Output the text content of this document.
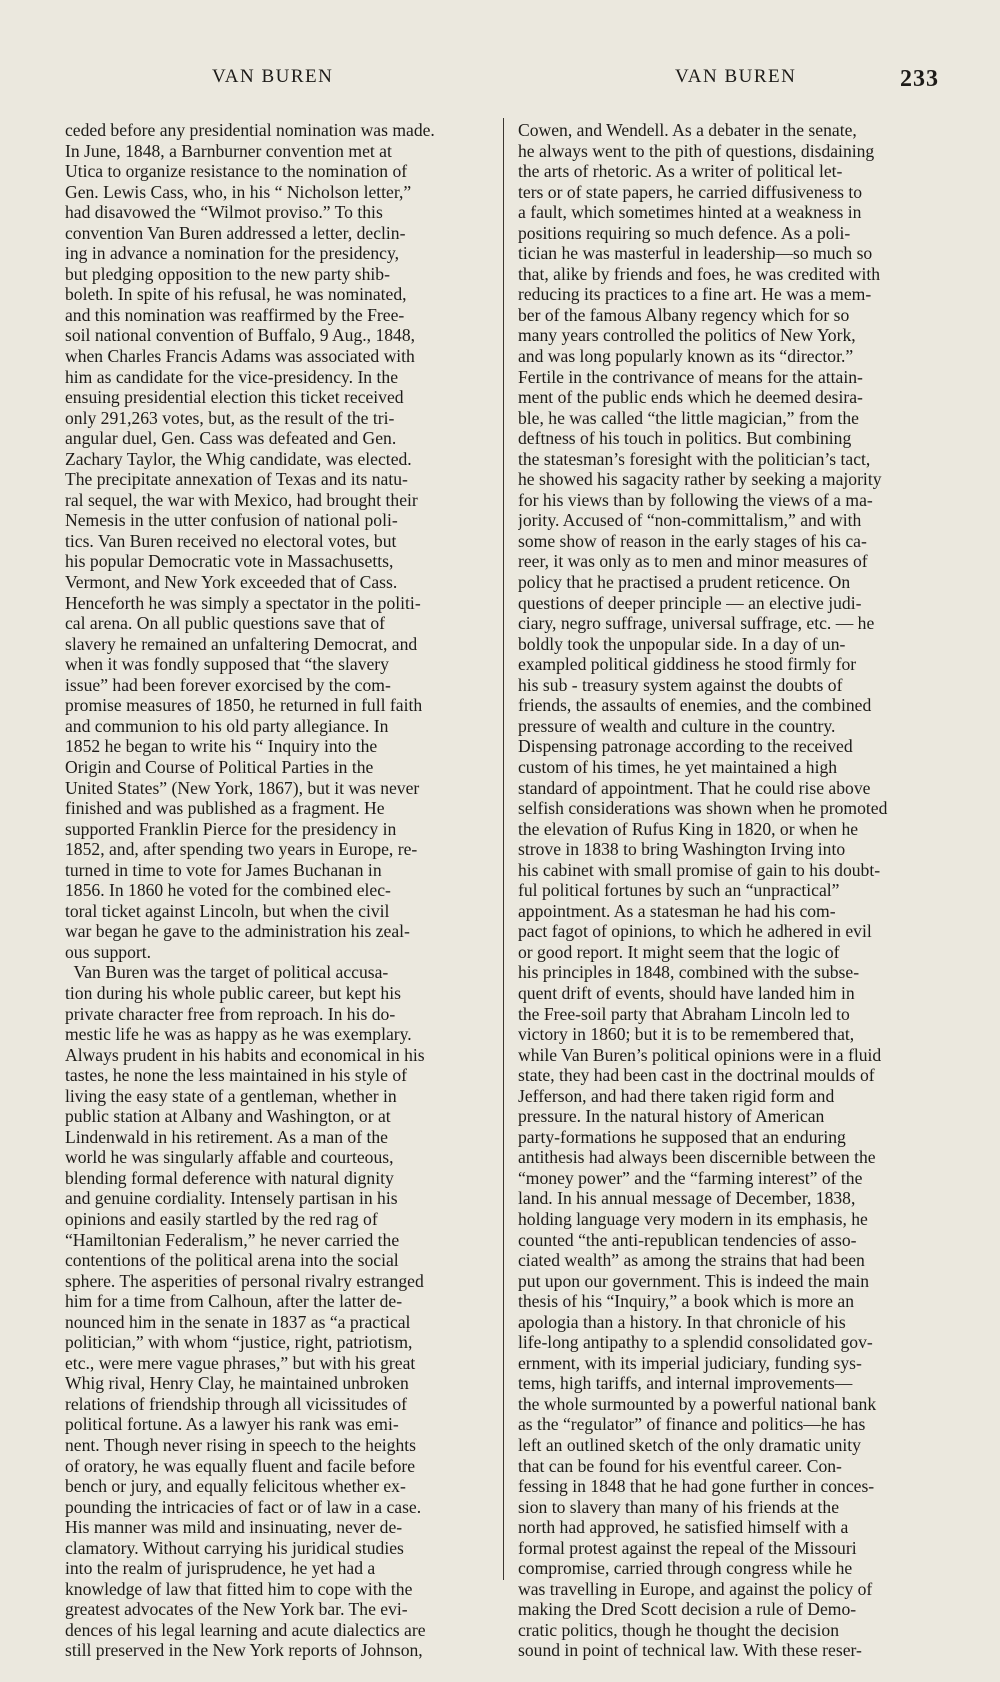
VAN BUREN	VAN BUREN	233
ceded before any presidential nomination was made.
In June, 1848, a Barnburner convention met at
Utica to organize resistance to the nomination of
Gen. Lewis Cass, who, in his “ Nicholson letter,”
had disavowed the “Wilmot proviso.” To this
convention Van Buren addressed a letter, declin-
ing in advance a nomination for the presidency,
but pledging opposition to the new party shib-
boleth. In spite of his refusal, he was nominated,
and this nomination was reaffirmed by the Free-
soil national convention of Buffalo, 9 Aug., 1848,
when Charles Francis Adams was associated with
him as candidate for the vice-presidency. In the
ensuing presidential election this ticket received
only 291,263 votes, but, as the result of the tri-
angular duel, Gen. Cass was defeated and Gen.
Zachary Taylor, the Whig candidate, was elected.
The precipitate annexation of Texas and its natu-
ral sequel, the war with Mexico, had brought their
Nemesis in the utter confusion of national poli-
tics. Van Buren received no electoral votes, but
his popular Democratic vote in Massachusetts,
Vermont, and New York exceeded that of Cass.
Henceforth he was simply a spectator in the politi-
cal arena. On all public questions save that of
slavery he remained an unfaltering Democrat, and
when it was fondly supposed that “the slavery
issue” had been forever exorcised by the com-
promise measures of 1850, he returned in full faith
and communion to his old party allegiance. In
1852 he began to write his “ Inquiry into the
Origin and Course of Political Parties in the
United States” (New York, 1867), but it was never
finished and was published as a fragment. He
supported Franklin Pierce for the presidency in
1852, and, after spending two years in Europe, re-
turned in time to vote for James Buchanan in
1856. In 1860 he voted for the combined elec-
toral ticket against Lincoln, but when the civil
war began he gave to the administration his zeal-
ous support.
Van Buren was the target of political accusa-
tion during his whole public career, but kept his
private character free from reproach. In his do-
mestic life he was as happy as he was exemplary.
Always prudent in his habits and economical in his
tastes, he none the less maintained in his style of
living the easy state of a gentleman, whether in
public station at Albany and Washington, or at
Lindenwald in his retirement. As a man of the
world he was singularly affable and courteous,
blending formal deference with natural dignity
and genuine cordiality. Intensely partisan in his
opinions and easily startled by the red rag of
“Hamiltonian Federalism,” he never carried the
contentions of the political arena into the social
sphere. The asperities of personal rivalry estranged
him for a time from Calhoun, after the latter de-
nounced him in the senate in 1837 as “a practical
politician,” with whom “justice, right, patriotism,
etc., were mere vague phrases,” but with his great
Whig rival, Henry Clay, he maintained unbroken
relations of friendship through all vicissitudes of
political fortune. As a lawyer his rank was emi-
nent. Though never rising in speech to the heights
of oratory, he was equally fluent and facile before
bench or jury, and equally felicitous whether ex-
pounding the intricacies of fact or of law in a case.
His manner was mild and insinuating, never de-
clamatory. Without carrying his juridical studies
into the realm of jurisprudence, he yet had a
knowledge of law that fitted him to cope with the
greatest advocates of the New York bar. The evi-
dences of his legal learning and acute dialectics are
still preserved in the New York reports of Johnson,
Cowen, and Wendell. As a debater in the senate,
he always went to the pith of questions, disdaining
the arts of rhetoric. As a writer of political let-
ters or of state papers, he carried diffusiveness to
a fault, which sometimes hinted at a weakness in
positions requiring so much defence. As a poli-
tician he was masterful in leadership—so much so
that, alike by friends and foes, he was credited with
reducing its practices to a fine art. He was a mem-
ber of the famous Albany regency which for so
many years controlled the politics of New York,
and was long popularly known as its “director.”
Fertile in the contrivance of means for the attain-
ment of the public ends which he deemed desira-
ble, he was called “the little magician,” from the
deftness of his touch in politics. But combining
the statesman’s foresight with the politician’s tact,
he showed his sagacity rather by seeking a majority
for his views than by following the views of a ma-
jority. Accused of “non-committalism,” and with
some show of reason in the early stages of his ca-
reer, it was only as to men and minor measures of
policy that he practised a prudent reticence. On
questions of deeper principle — an elective judi-
ciary, negro suffrage, universal suffrage, etc. — he
boldly took the unpopular side. In a day of un-
exampled political giddiness he stood firmly for
his sub - treasury system against the doubts of
friends, the assaults of enemies, and the combined
pressure of wealth and culture in the country.
Dispensing patronage according to the received
custom of his times, he yet maintained a high
standard of appointment. That he could rise above
selfish considerations was shown when he promoted
the elevation of Rufus King in 1820, or when he
strove in 1838 to bring Washington Irving into
his cabinet with small promise of gain to his doubt-
ful political fortunes by such an “unpractical”
appointment. As a statesman he had his com-
pact fagot of opinions, to which he adhered in evil
or good report. It might seem that the logic of
his principles in 1848, combined with the subse-
quent drift of events, should have landed him in
the Free-soil party that Abraham Lincoln led to
victory in 1860; but it is to be remembered that,
while Van Buren’s political opinions were in a fluid
state, they had been cast in the doctrinal moulds of
Jefferson, and had there taken rigid form and
pressure. In the natural history of American
party-formations he supposed that an enduring
antithesis had always been discernible between the
“money power” and the “farming interest” of the
land. In his annual message of December, 1838,
holding language very modern in its emphasis, he
counted “the anti-republican tendencies of asso-
ciated wealth” as among the strains that had been
put upon our government. This is indeed the main
thesis of his “Inquiry,” a book which is more an
apologia than a history. In that chronicle of his
life-long antipathy to a splendid consolidated gov-
ernment, with its imperial judiciary, funding sys-
tems, high tariffs, and internal improvements—
the whole surmounted by a powerful national bank
as the “regulator” of finance and politics—he has
left an outlined sketch of the only dramatic unity
that can be found for his eventful career. Con-
fessing in 1848 that he had gone further in conces-
sion to slavery than many of his friends at the
north had approved, he satisfied himself with a
formal protest against the repeal of the Missouri
compromise, carried through congress while he
was travelling in Europe, and against the policy of
making the Dred Scott decision a rule of Demo-
cratic politics, though he thought the decision
sound in point of technical law. With these reser-
